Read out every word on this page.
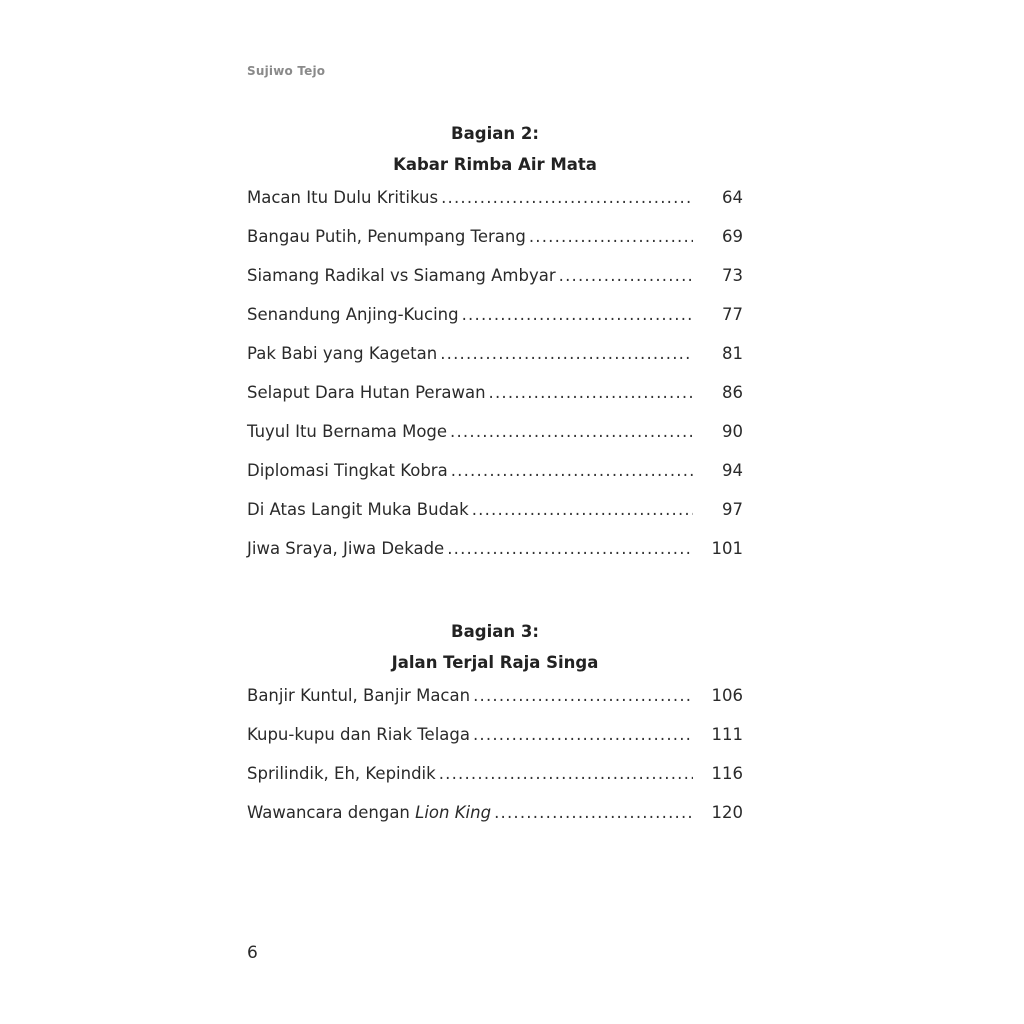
Sujiwo Tejo
Bagian 2:
Kabar Rimba Air Mata
Macan Itu Dulu Kritikus .....	64
Bangau Putih, Penumpang Terang .....	69
Siamang Radikal vs Siamang Ambyar .....	73
Senandung Anjing-Kucing .....	77
Pak Babi yang Kagetan .....	81
Selaput Dara Hutan Perawan .....	86
Tuyul Itu Bernama Moge .....	90
Diplomasi Tingkat Kobra .....	94
Di Atas Langit Muka Budak .....	97
Jiwa Sraya, Jiwa Dekade .....	101
Bagian 3:
Jalan Terjal Raja Singa
Banjir Kuntul, Banjir Macan .....	106
Kupu-kupu dan Riak Telaga .....	111
Sprilindik, Eh, Kepindik .....	116
Wawancara dengan Lion King .....	120
6
